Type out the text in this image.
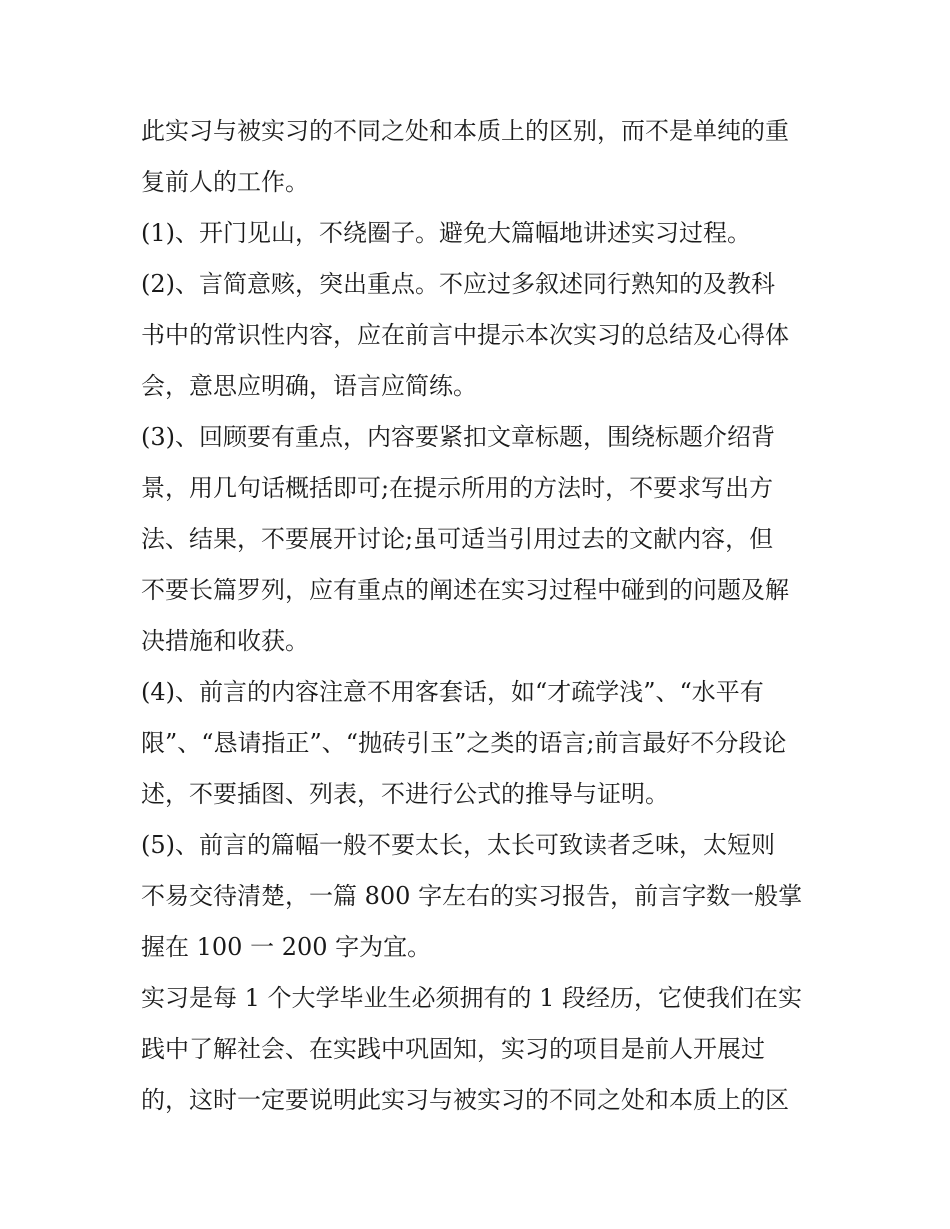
此实习与被实习的不同之处和本质上的区别，而不是单纯的重
复前人的工作。
(1)、开门见山，不绕圈子。避免大篇幅地讲述实习过程。
(2)、言简意赅，突出重点。不应过多叙述同行熟知的及教科
书中的常识性内容，应在前言中提示本次实习的总结及心得体
会，意思应明确，语言应简练。
(3)、回顾要有重点，内容要紧扣文章标题，围绕标题介绍背
景，用几句话概括即可;在提示所用的方法时，不要求写出方
法、结果，不要展开讨论;虽可适当引用过去的文献内容，但
不要长篇罗列，应有重点的阐述在实习过程中碰到的问题及解
决措施和收获。
(4)、前言的内容注意不用客套话，如“才疏学浅”、“水平有
限”、“恳请指正”、“抛砖引玉”之类的语言;前言最好不分段论
述，不要插图、列表，不进行公式的推导与证明。
(5)、前言的篇幅一般不要太长，太长可致读者乏味，太短则
不易交待清楚，一篇 800 字左右的实习报告，前言字数一般掌
握在 100 一 200 字为宜。
实习是每 1 个大学毕业生必须拥有的 1 段经历，它使我们在实
践中了解社会、在实践中巩固知，实习的项目是前人开展过
的，这时一定要说明此实习与被实习的不同之处和本质上的区
